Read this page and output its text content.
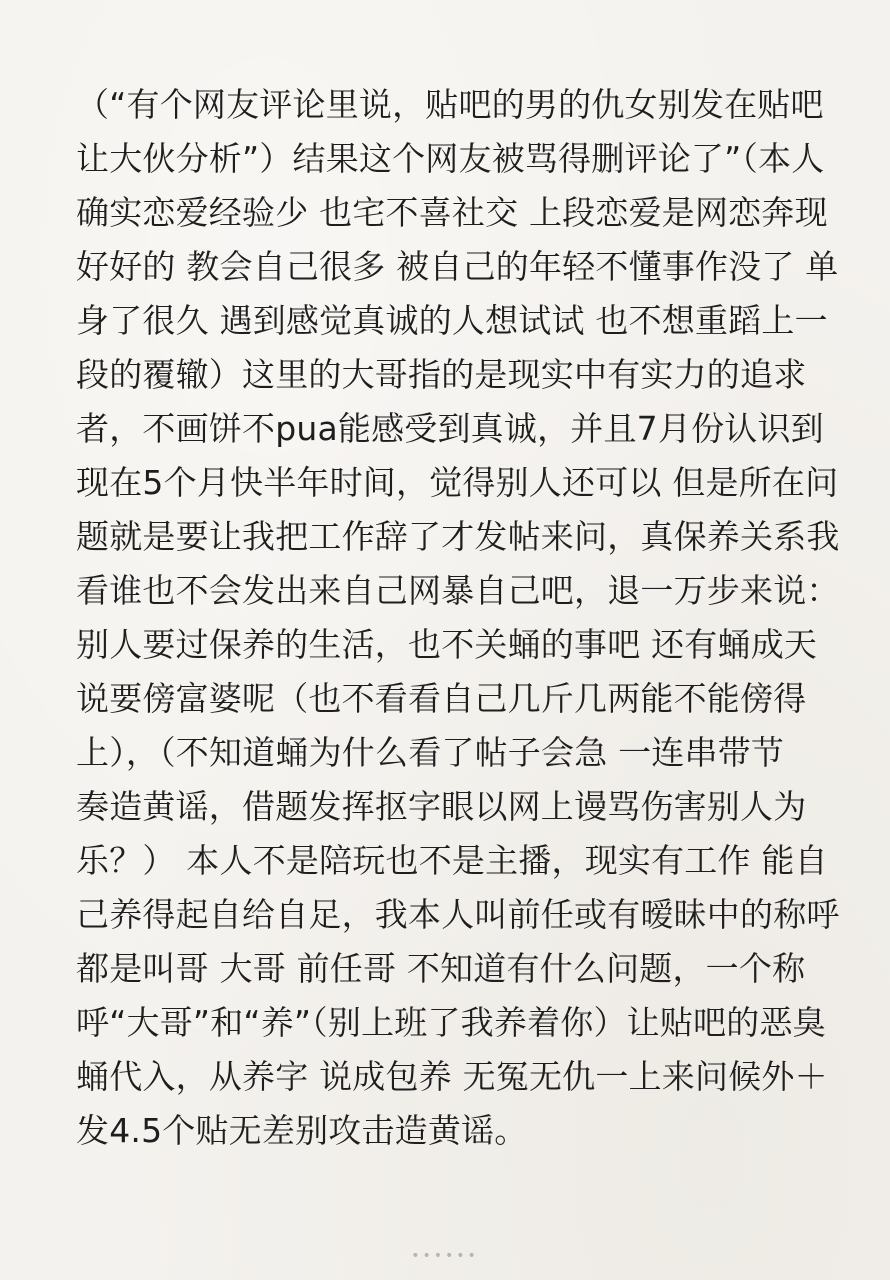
（“有个网友评论里说，贴吧的男的仇女别发在贴吧
让大伙分析”）结果这个网友被骂得删评论了”（本人
确实恋爱经验少 也宅不喜社交 上段恋爱是网恋奔现
好好的 教会自己很多 被自己的年轻不懂事作没了 单
身了很久 遇到感觉真诚的人想试试 也不想重蹈上一
段的覆辙）这里的大哥指的是现实中有实力的追求
者，不画饼不pua能感受到真诚，并且7月份认识到
现在5个月快半年时间，觉得别人还可以 但是所在问
题就是要让我把工作辞了才发帖来问，真保养关系我
看谁也不会发出来自己网暴自己吧，退一万步来说：
别人要过保养的生活，也不关蛹的事吧 还有蛹成天
说要傍富婆呢（也不看看自己几斤几两能不能傍得
上），（不知道蛹为什么看了帖子会急 一连串带节
奏造黄谣，借题发挥抠字眼以网上谩骂伤害别人为
乐？） 本人不是陪玩也不是主播，现实有工作 能自
己养得起自给自足，我本人叫前任或有暧昧中的称呼
都是叫哥 大哥 前任哥 不知道有什么问题，一个称
呼“大哥”和“养”（别上班了我养着你）让贴吧的恶臭
蛹代入，从养字 说成包养 无冤无仇一上来问候外＋
发4.5个贴无差别攻击造黄谣。
••••••
